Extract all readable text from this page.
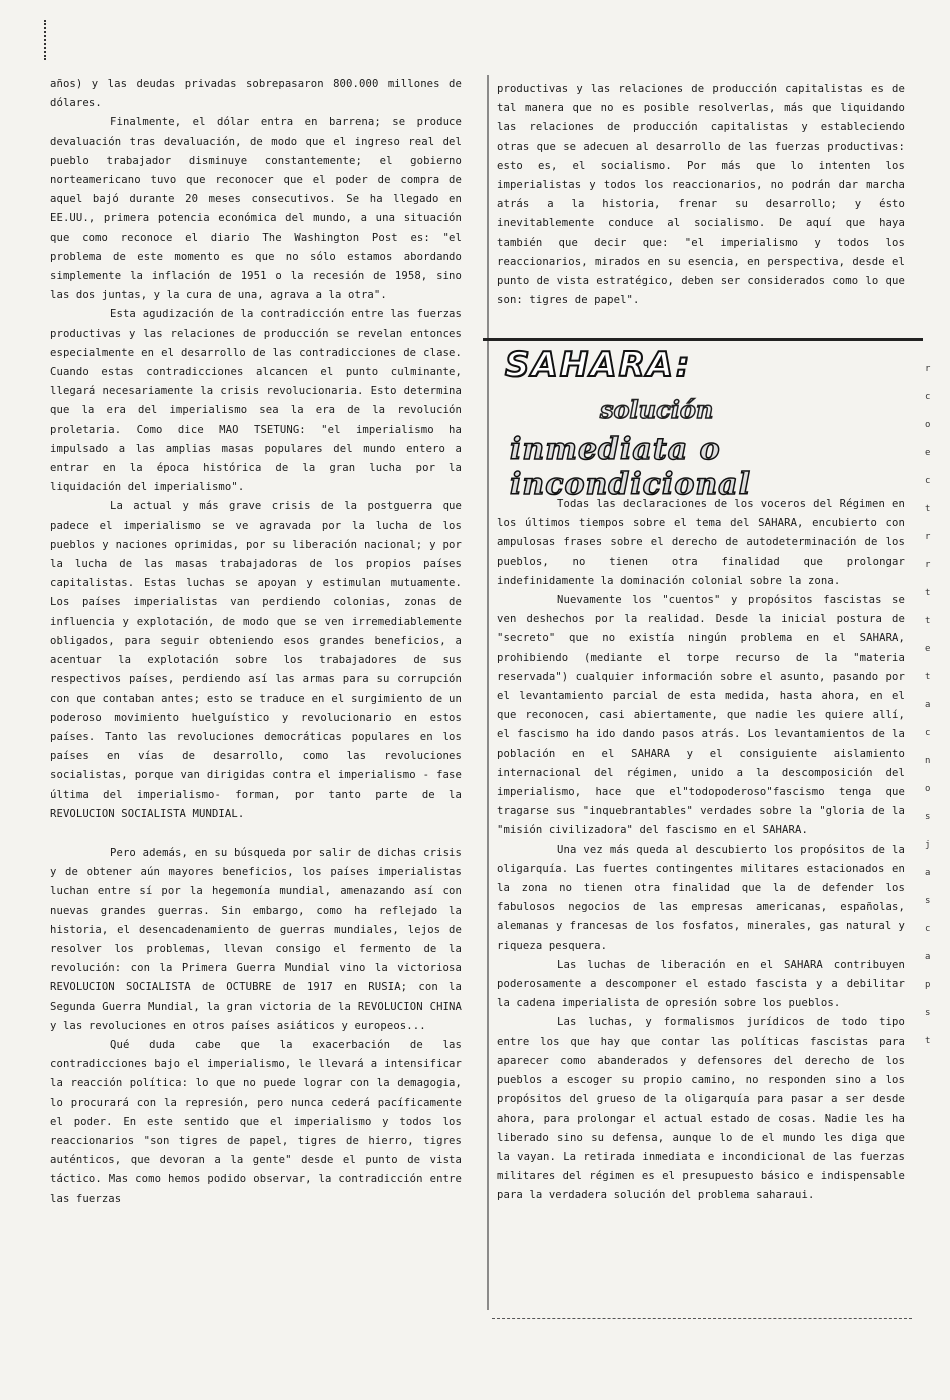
años) y las deudas privadas sobrepasaron 800.000 millones de dólares.

Finalmente, el dólar entra en barrena; se produce devaluación tras devaluación, de modo que el ingreso real del pueblo trabajador disminuye constantemente; el gobierno norteamericano tuvo que reconocer que el poder de compra de aquel bajó durante 20 meses consecutivos. Se ha llegado en EE.UU., primera potencia económica del mundo, a una situación que como reconoce el diario The Washington Post es: "el problema de este momento es que no sólo estamos abordando simplemente la inflación de 1951 o la recesión de 1958, sino las dos juntas, y la cura de una, agrava a la otra".

Esta agudización de la contradicción entre las fuerzas productivas y las relaciones de producción se revelan entonces especialmente en el desarrollo de las contradicciones de clase. Cuando estas contradicciones alcancen el punto culminante, llegará necesariamente la crisis revolucionaria. Esto determina que la era del imperialismo sea la era de la revolución proletaria. Como dice MAO TSETUNG: "el imperialismo ha impulsado a las amplias masas populares del mundo entero a entrar en la época histórica de la gran lucha por la liquidación del imperialismo".

La actual y más grave crisis de la postguerra que padece el imperialismo se ve agravada por la lucha de los pueblos y naciones oprimidas, por su liberación nacional; y por la lucha de las masas trabajadoras de los propios países capitalistas. Estas luchas se apoyan y estimulan mutuamente. Los países imperialistas van perdiendo colonias, zonas de influencia y explotación, de modo que se ven irremediablemente obligados, para seguir obteniendo esos grandes beneficios, a acentuar la explotación sobre los trabajadores de sus respectivos países, perdiendo así las armas para su corrupción con que contaban antes; esto se traduce en el surgimiento de un poderoso movimiento huelguístico y revolucionario en estos países. Tanto las revoluciones democráticas populares en los países en vías de desarrollo, como las revoluciones socialistas, porque van dirigidas contra el imperialismo - fase última del imperialismo- forman, por tanto parte de la REVOLUCION SOCIALISTA MUNDIAL.

Pero además, en su búsqueda por salir de dichas crisis y de obtener aún mayores beneficios, los países imperialistas luchan entre sí por la hegemonía mundial, amenazando así con nuevas grandes guerras. Sin embargo, como ha reflejado la historia, el desencadenamiento de guerras mundiales, lejos de resolver los problemas, llevan consigo el fermento de la revolución: con la Primera Guerra Mundial vino la victoriosa REVOLUCION SOCIALISTA de OCTUBRE de 1917 en RUSIA; con la Segunda Guerra Mundial, la gran victoria de la REVOLUCION CHINA y las revoluciones en otros países asiáticos y europeos...

Qué duda cabe que la exacerbación de las contradicciones bajo el imperialismo, le llevará a intensificar la reacción política: lo que no puede lograr con la demagogia, lo procurará con la represión, pero nunca cederá pacíficamente el poder. En este sentido que el imperialismo y todos los reaccionarios "son tigres de papel, tigres de hierro, tigres auténticos, que devoran a la gente" desde el punto de vista táctico. Mas como hemos podido observar, la contradicción entre las fuerzas

productivas y las relaciones de producción capitalistas es de tal manera que no es posible resolverlas, más que liquidando las relaciones de producción capitalistas y estableciendo otras que se adecuen al desarrollo de las fuerzas productivas: esto es, el socialismo. Por más que lo intenten los imperialistas y todos los reaccionarios, no podrán dar marcha atrás a la historia, frenar su desarrollo; y ésto inevitablemente conduce al socialismo. De aquí que haya también que decir que: "el imperialismo y todos los reaccionarios, mirados en su esencia, en perspectiva, desde el punto de vista estratégico, deben ser considerados como lo que son: tigres de papel".

SAHARA:
solución
inmediata o incondicional

Todas las declaraciones de los voceros del Régimen en los últimos tiempos sobre el tema del SAHARA, encubierto con ampulosas frases sobre el derecho de autodeterminación de los pueblos, no tienen otra finalidad que prolongar indefinidamente la dominación colonial sobre la zona.

Nuevamente los "cuentos" y propósitos fascistas se ven deshechos por la realidad. Desde la inicial postura de "secreto" que no existía ningún problema en el SAHARA, prohibiendo (mediante el torpe recurso de la "materia reservada") cualquier información sobre el asunto, pasando por el levantamiento parcial de esta medida, hasta ahora, en el que reconocen, casi abiertamente, que nadie les quiere allí, el fascismo ha ido dando pasos atrás. Los levantamientos de la población en el SAHARA y el consiguiente aislamiento internacional del régimen, unido a la descomposición del imperialismo, hace que el"todopoderoso"fascismo tenga que tragarse sus "inquebrantables" verdades sobre la "gloria de la "misión civilizadora" del fascismo en el SAHARA.

Una vez más queda al descubierto los propósitos de la oligarquía. Las fuertes contingentes militares estacionados en la zona no tienen otra finalidad que la de defender los fabulosos negocios de las empresas americanas, españolas, alemanas y francesas de los fosfatos, minerales, gas natural y riqueza pesquera.

Las luchas de liberación en el SAHARA contribuyen poderosamente a descomponer el estado fascista y a debilitar la cadena imperialista de opresión sobre los pueblos.

Las luchas, y formalismos jurídicos de todo tipo entre los que hay que contar las políticas fascistas para aparecer como abanderados y defensores del derecho de los pueblos a escoger su propio camino, no responden sino a los propósitos del grueso de la oligarquía para pasar a ser desde ahora, para prolongar el actual estado de cosas. Nadie les ha liberado sino su defensa, aunque lo de el mundo les diga que la vayan. La retirada inmediata e incondicional de las fuerzas militares del régimen es el presupuesto básico e indispensable para la verdadera solución del problema saharaui.

r
c
o
e
c
t
r
r
t
t
e
t
a
c
n
o
s
j
a
s
c
a
p
s
t
